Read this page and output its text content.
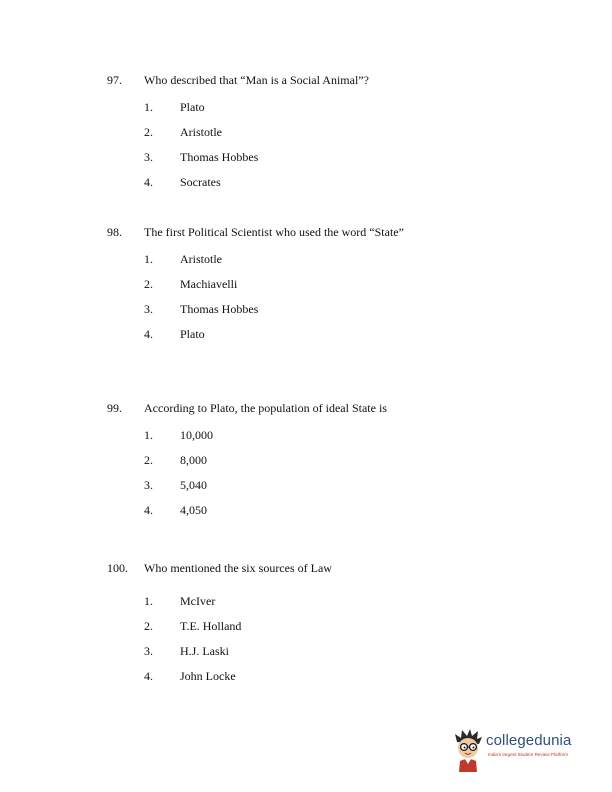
97. Who described that “Man is a Social Animal”?
1. Plato
2. Aristotle
3. Thomas Hobbes
4. Socrates
98. The first Political Scientist who used the word “State”
1. Aristotle
2. Machiavelli
3. Thomas Hobbes
4. Plato
99. According to Plato, the population of ideal State is
1. 10,000
2. 8,000
3. 5,040
4. 4,050
100. Who mentioned the six sources of Law
1. McIver
2. T.E. Holland
3. H.J. Laski
4. John Locke
collegedunia
India's largest Student Review Platform
